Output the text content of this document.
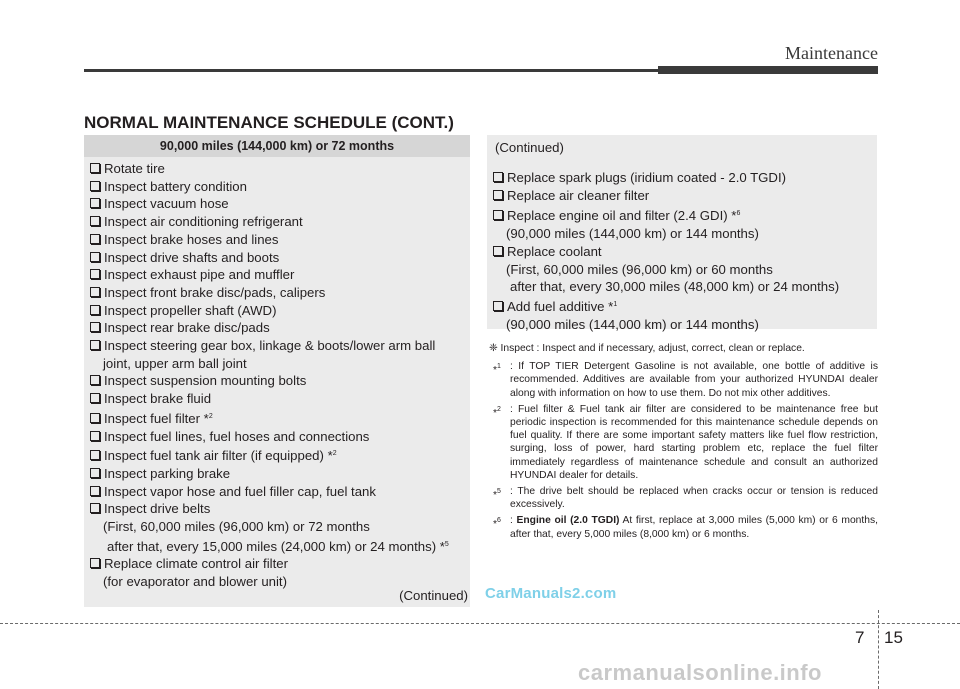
Maintenance
NORMAL MAINTENANCE SCHEDULE (CONT.)
90,000 miles (144,000 km) or 72 months
Rotate tire
Inspect battery condition
Inspect vacuum hose
Inspect air conditioning refrigerant
Inspect brake hoses and lines
Inspect drive shafts and boots
Inspect exhaust pipe and muffler
Inspect front brake disc/pads, calipers
Inspect propeller shaft (AWD)
Inspect rear brake disc/pads
Inspect steering gear box, linkage & boots/lower arm ball
joint, upper arm ball joint
Inspect suspension mounting bolts
Inspect brake fluid
Inspect fuel filter *$^2$
Inspect fuel lines, fuel hoses and connections
Inspect fuel tank air filter (if equipped) *$^2$
Inspect parking brake
Inspect vapor hose and fuel filler cap, fuel tank
Inspect drive belts
(First, 60,000 miles (96,000 km) or 72 months
after that, every 15,000 miles (24,000 km) or 24 months) *$^5$
Replace climate control air filter
(for evaporator and blower unit)
(Continued)
(Continued)
Replace spark plugs (iridium coated - 2.0 TGDI)
Replace air cleaner filter
Replace engine oil and filter (2.4 GDI) *$^6$
(90,000 miles (144,000 km) or 144 months)
Replace coolant
(First, 60,000 miles (96,000 km) or 60 months
after that, every 30,000 miles (48,000 km) or 24 months)
Add fuel additive *$^1$
(90,000 miles (144,000 km) or 144 months)
❈ Inspect : Inspect and if necessary, adjust, correct, clean or replace.
*$^1$ : If TOP TIER Detergent Gasoline is not available, one bottle of additive is recommended. Additives are available from your authorized HYUNDAI dealer along with information on how to use them. Do not mix other additives.
*$^2$ : Fuel filter & Fuel tank air filter are considered to be maintenance free but periodic inspection is recommended for this maintenance schedule depends on fuel quality. If there are some important safety matters like fuel flow restriction, surging, loss of power, hard starting problem etc, replace the fuel filter immediately regardless of maintenance schedule and consult an authorized HYUNDAI dealer for details.
*$^5$ : The drive belt should be replaced when cracks occur or tension is reduced excessively.
*$^6$ : Engine oil (2.0 TGDI) At first, replace at 3,000 miles (5,000 km) or 6 months, after that, every 5,000 miles (8,000 km) or 6 months.
CarManuals2.com
7 15
carmanualsonline.info
